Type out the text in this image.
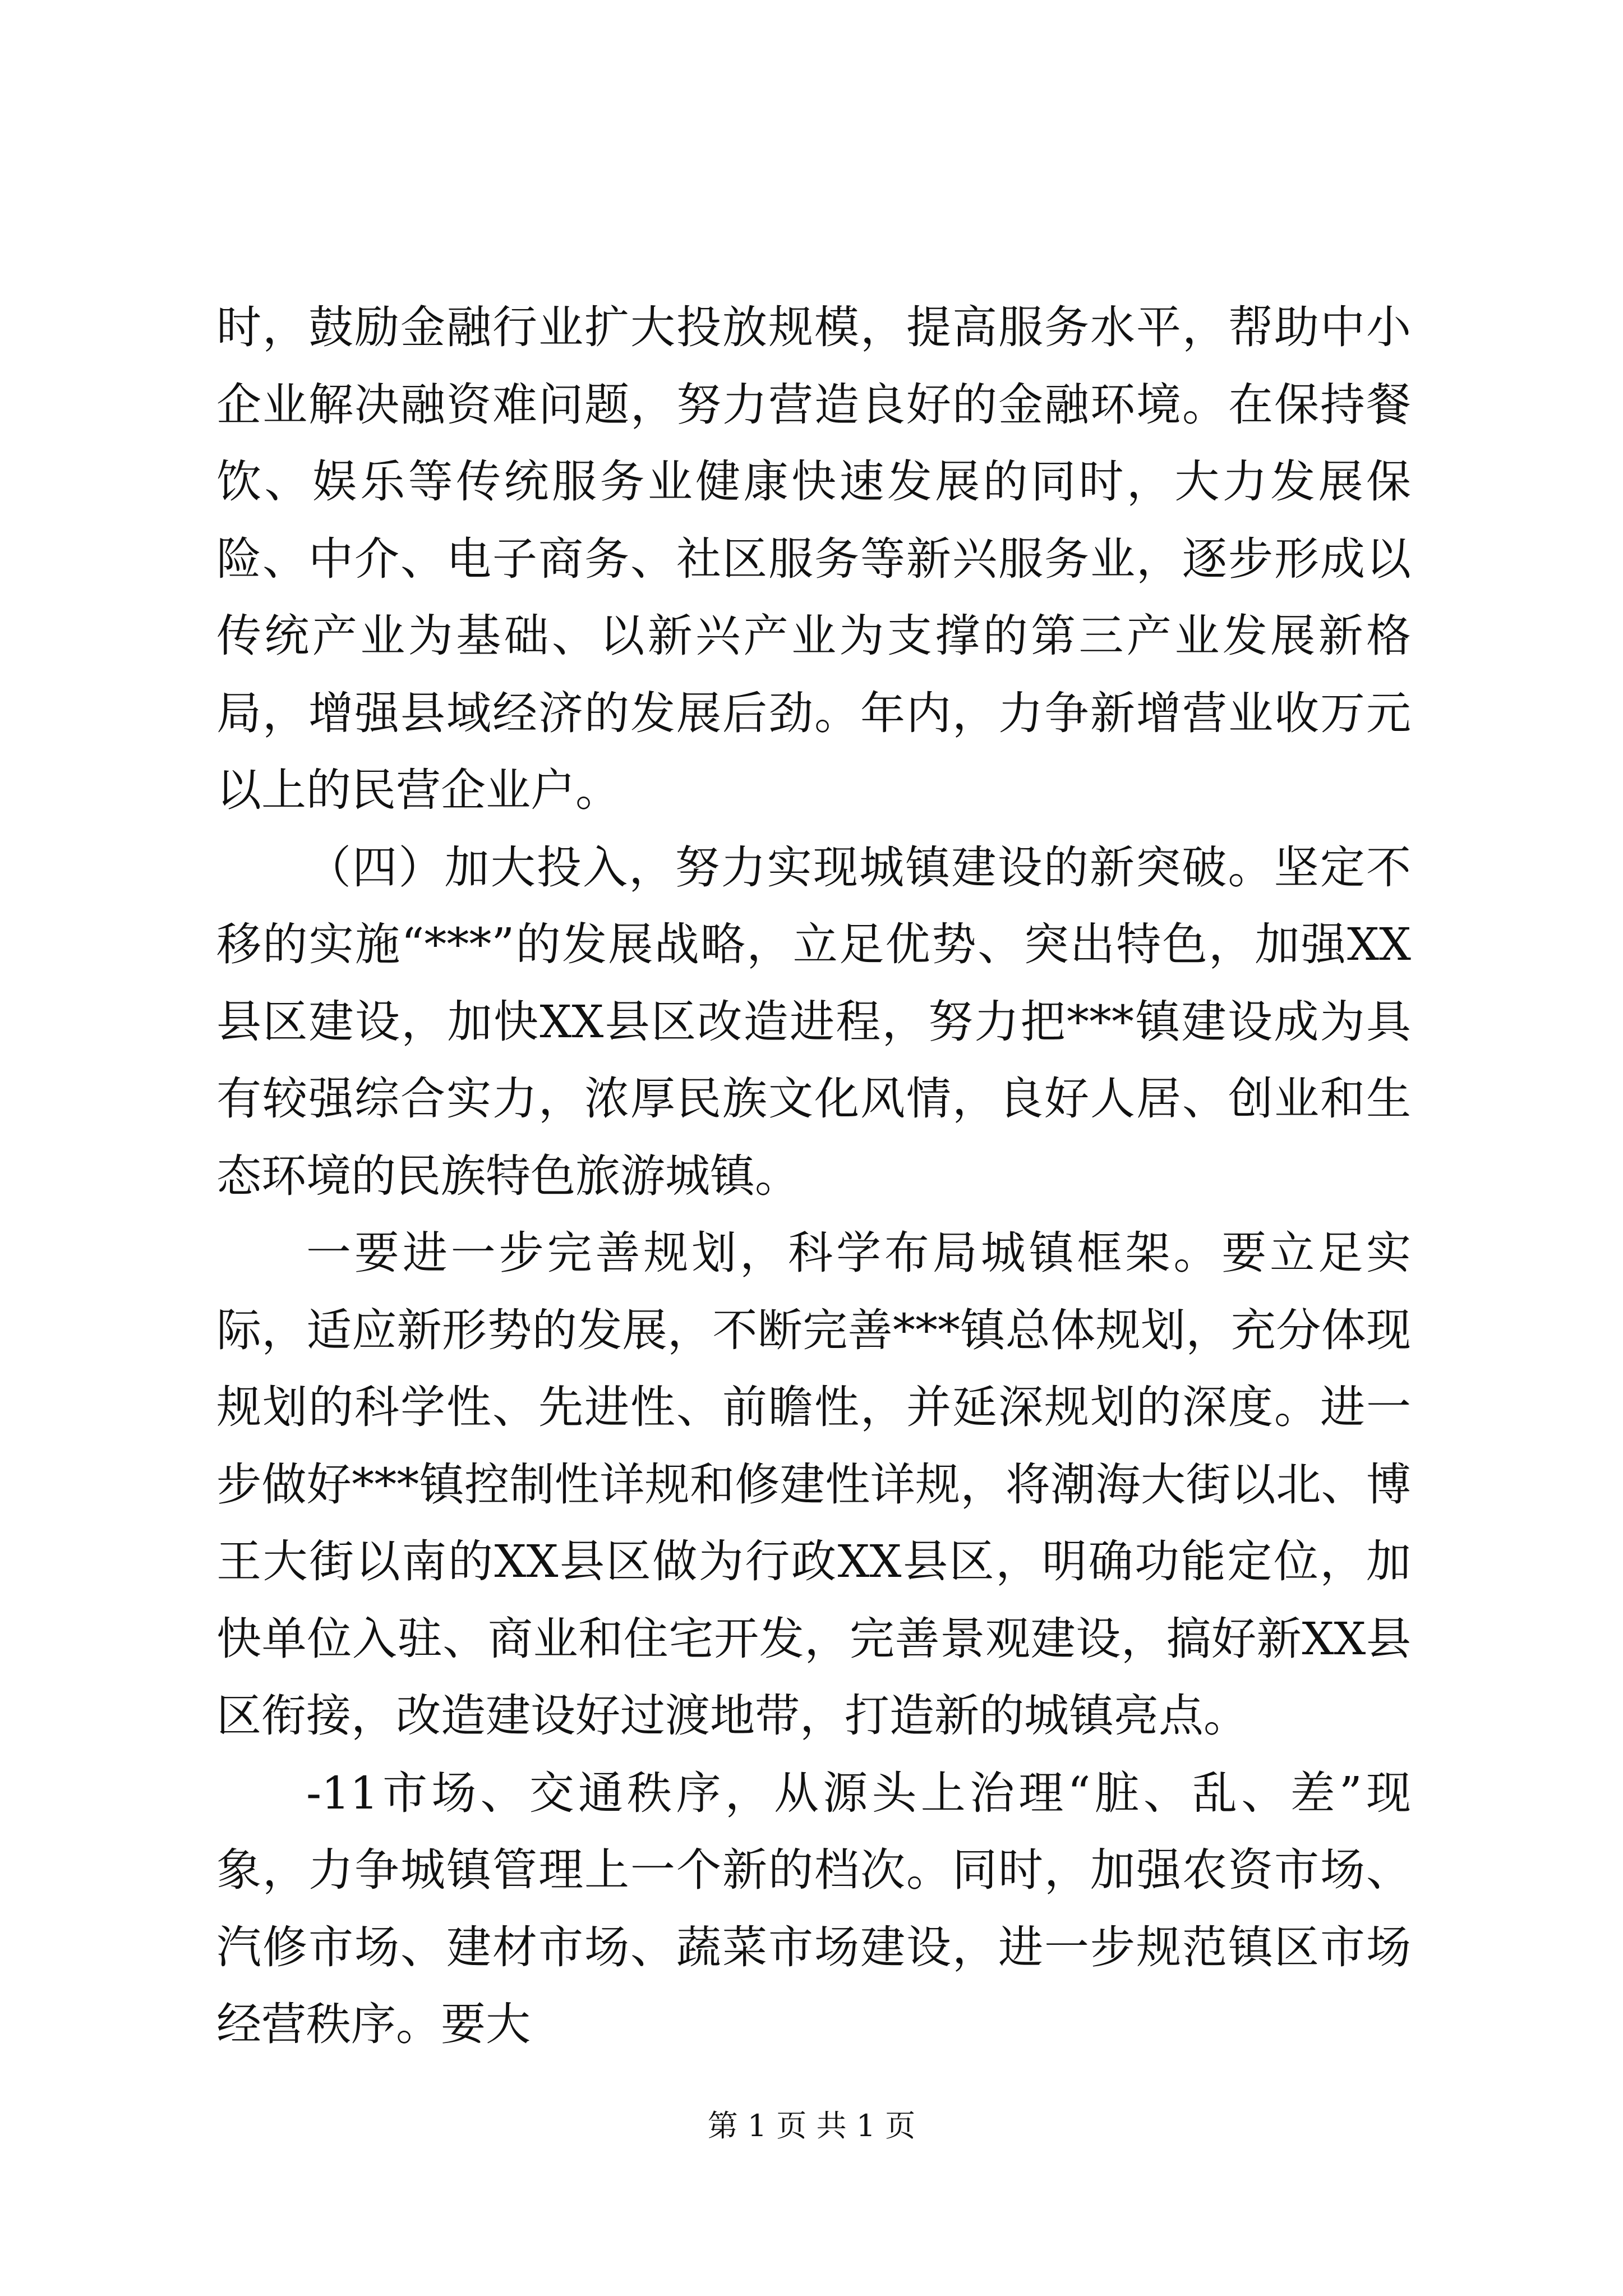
时，鼓励金融行业扩大投放规模，提高服务水平，帮助中小企业解决融资难问题，努力营造良好的金融环境。在保持餐饮、娱乐等传统服务业健康快速发展的同时，大力发展保险、中介、电子商务、社区服务等新兴服务业，逐步形成以传统产业为基础、以新兴产业为支撑的第三产业发展新格局，增强县域经济的发展后劲。年内，力争新增营业收万元以上的民营企业户。

（四）加大投入，努力实现城镇建设的新突破。坚定不移的实施“***”的发展战略，立足优势、突出特色，加强XX县区建设，加快XX县区改造进程，努力把***镇建设成为具有较强综合实力，浓厚民族文化风情，良好人居、创业和生态环境的民族特色旅游城镇。

一要进一步完善规划，科学布局城镇框架。要立足实际，适应新形势的发展，不断完善***镇总体规划，充分体现规划的科学性、先进性、前瞻性，并延深规划的深度。进一步做好***镇控制性详规和修建性详规，将潮海大街以北、博王大街以南的XX县区做为行政XX县区，明确功能定位，加快单位入驻、商业和住宅开发，完善景观建设，搞好新XX县区衔接，改造建设好过渡地带，打造新的城镇亮点。

-11市场、交通秩序，从源头上治理“脏、乱、差”现象，力争城镇管理上一个新的档次。同时，加强农资市场、汽修市场、建材市场、蔬菜市场建设，进一步规范镇区市场经营秩序。要大

第 1 页 共 1 页
